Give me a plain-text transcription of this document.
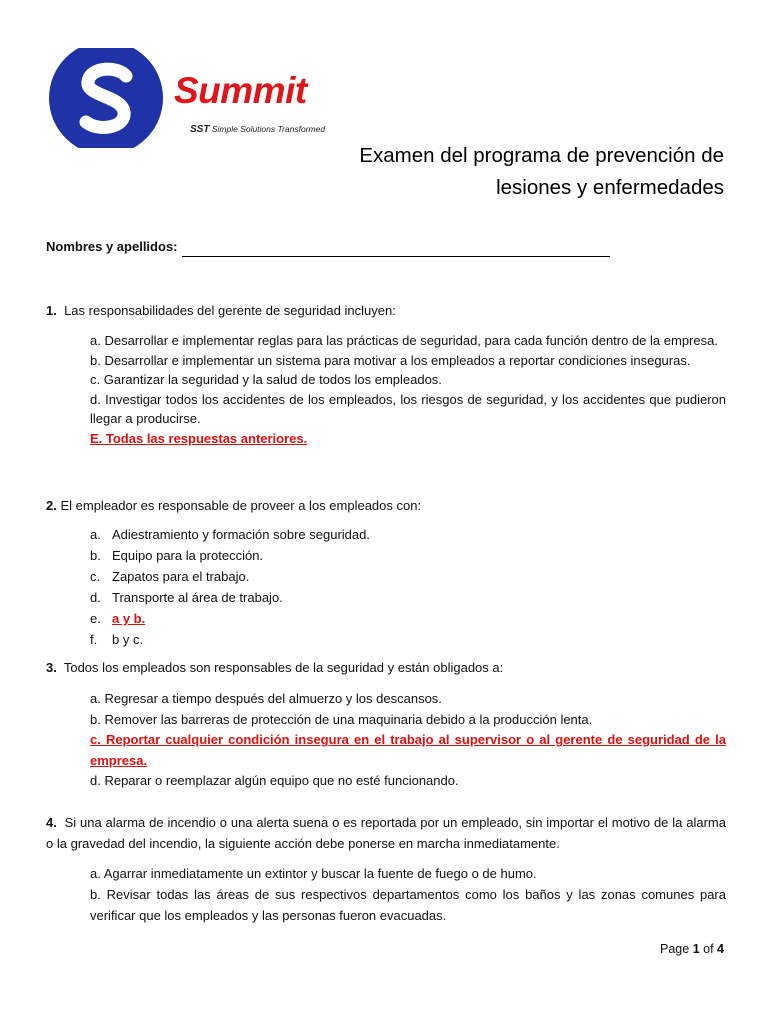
Summit
SST Simple Solutions Transformed
Examen del programa de prevención de lesiones y enfermedades
Nombres y apellidos:
1. Las responsabilidades del gerente de seguridad incluyen:
a. Desarrollar e implementar reglas para las prácticas de seguridad, para cada función dentro de la empresa.
b. Desarrollar e implementar un sistema para motivar a los empleados a reportar condiciones inseguras.
c. Garantizar la seguridad y la salud de todos los empleados.
d. Investigar todos los accidentes de los empleados, los riesgos de seguridad, y los accidentes que pudieron llegar a producirse.
E. Todas las respuestas anteriores.
2. El empleador es responsable de proveer a los empleados con:
a. Adiestramiento y formación sobre seguridad.
b. Equipo para la protección.
c. Zapatos para el trabajo.
d. Transporte al área de trabajo.
e. a y b.
f.	b y c.
3. Todos los empleados son responsables de la seguridad y están obligados a:
a. Regresar a tiempo después del almuerzo y los descansos.
b. Remover las barreras de protección de una maquinaria debido a la producción lenta.
c. Reportar cualquier condición insegura en el trabajo al supervisor o al gerente de seguridad de la empresa.
d. Reparar o reemplazar algún equipo que no esté funcionando.
4. Si una alarma de incendio o una alerta suena o es reportada por un empleado, sin importar el motivo de la alarma o la gravedad del incendio, la siguiente acción debe ponerse en marcha inmediatamente.
a. Agarrar inmediatamente un extintor y buscar la fuente de fuego o de humo.
b. Revisar todas las áreas de sus respectivos departamentos como los baños y las zonas comunes para verificar que los empleados y las personas fueron evacuadas.
Page 1 of 4
